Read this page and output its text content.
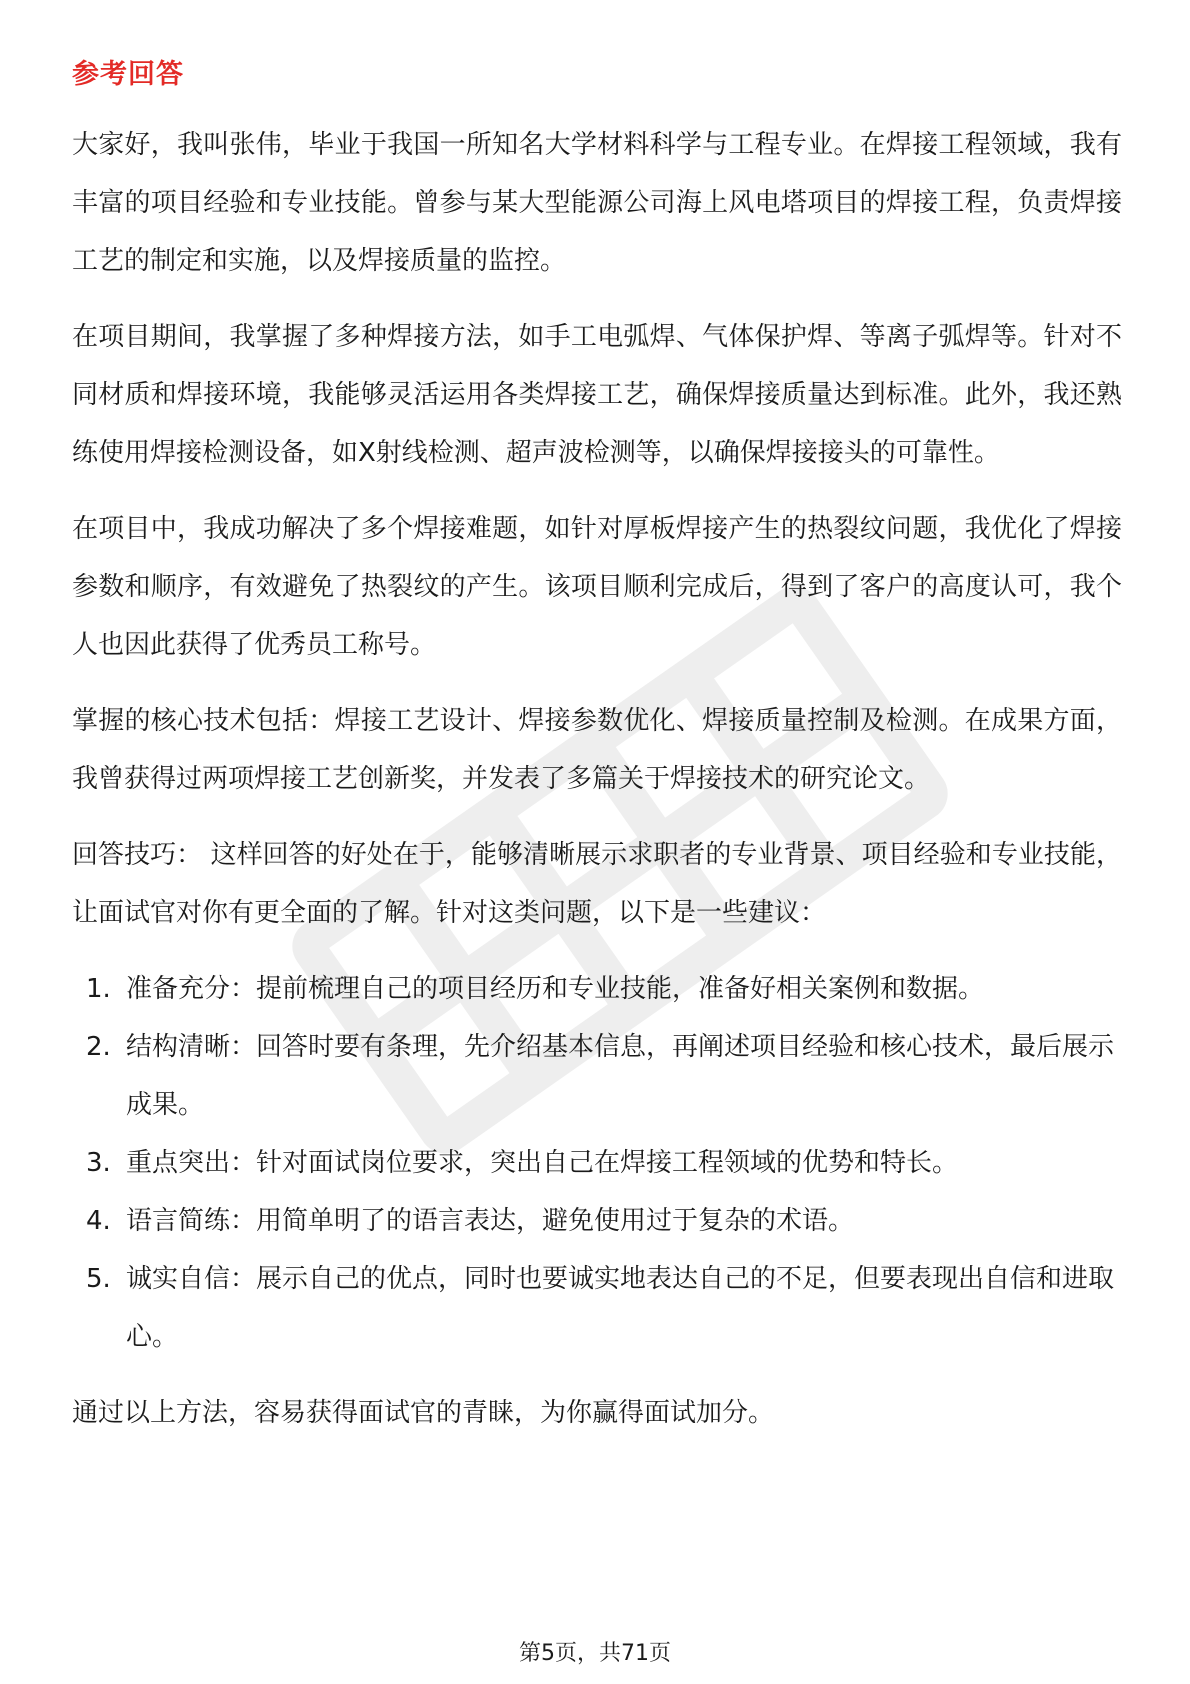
参考回答

大家好，我叫张伟，毕业于我国一所知名大学材料科学与工程专业。在焊接工程领域，我有丰富的项目经验和专业技能。曾参与某大型能源公司海上风电塔项目的焊接工程，负责焊接工艺的制定和实施，以及焊接质量的监控。

在项目期间，我掌握了多种焊接方法，如手工电弧焊、气体保护焊、等离子弧焊等。针对不同材质和焊接环境，我能够灵活运用各类焊接工艺，确保焊接质量达到标准。此外，我还熟练使用焊接检测设备，如X射线检测、超声波检测等，以确保焊接接头的可靠性。

在项目中，我成功解决了多个焊接难题，如针对厚板焊接产生的热裂纹问题，我优化了焊接参数和顺序，有效避免了热裂纹的产生。该项目顺利完成后，得到了客户的高度认可，我个人也因此获得了优秀员工称号。

掌握的核心技术包括：焊接工艺设计、焊接参数优化、焊接质量控制及检测。在成果方面，我曾获得过两项焊接工艺创新奖，并发表了多篇关于焊接技术的研究论文。

回答技巧： 这样回答的好处在于，能够清晰展示求职者的专业背景、项目经验和专业技能，让面试官对你有更全面的了解。针对这类问题，以下是一些建议：

1. 准备充分：提前梳理自己的项目经历和专业技能，准备好相关案例和数据。
2. 结构清晰：回答时要有条理，先介绍基本信息，再阐述项目经验和核心技术，最后展示成果。
3. 重点突出：针对面试岗位要求，突出自己在焊接工程领域的优势和特长。
4. 语言简练：用简单明了的语言表达，避免使用过于复杂的术语。
5. 诚实自信：展示自己的优点，同时也要诚实地表达自己的不足，但要表现出自信和进取心。

通过以上方法，容易获得面试官的青睐，为你赢得面试加分。

第5页，共71页
